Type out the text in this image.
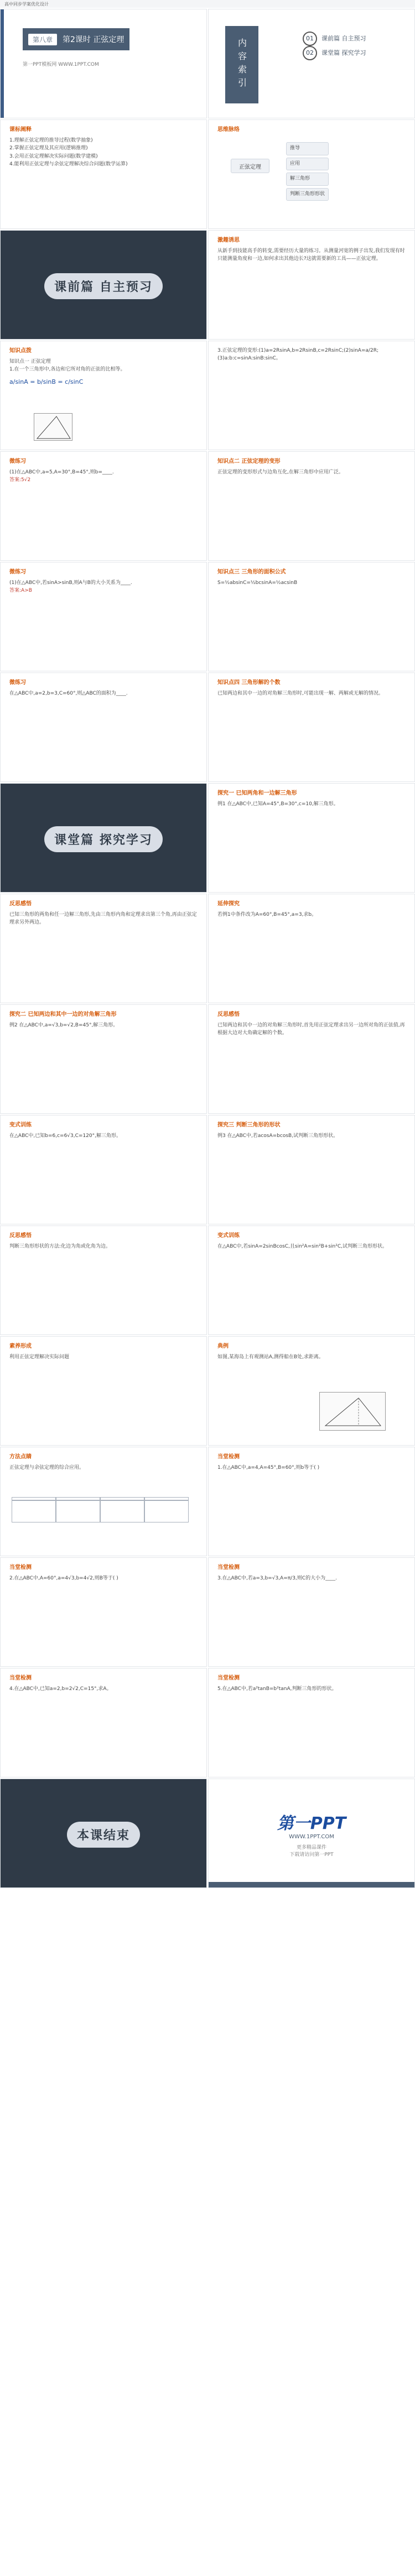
高中同步学案优化设计
第八章	第2课时 正弦定理
第一PPT模板网 WWW.1PPT.COM	内容索引	01 课前篇 自主预习
02 课堂篇 探究学习
课标阐释
1.理解正弦定理的推导过程(数学抽象)
2.掌握正弦定理及其应用(逻辑推理)
3.会用正弦定理解决实际问题(数学建模)
4.能利用正弦定理与余弦定理解决综合问题(数学运算)
思维脉络
正弦定理
推导
应用
解三角形
判断三角形形状
课前篇 自主预习
激趣诱思
从新手到技能高手的转变,需要经历大量的练习。从测量河宽的例子出发,我们发现有时只能测量角度和一边,如何求出其他边长?这就需要新的工具——正弦定理。
知识点拨
知识点一 正弦定理
1.在一个三角形中,各边和它所对角的正弦的比相等。
a/sinA = b/sinB = c/sinC
3.正弦定理的变形:(1)a=2RsinA,b=2RsinB,c=2RsinC;(2)sinA=a/2R;(3)a:b:c=sinA:sinB:sinC。
微练习
(1)在△ABC中,a=5,A=30°,B=45°,则b=____.
答案:5√2
知识点二 正弦定理的变形
正弦定理的变形形式与边角互化,在解三角形中应用广泛。
微练习
(1)在△ABC中,若sinA>sinB,则A与B的大小关系为____.
答案:A>B
知识点三 三角形的面积公式
S=½absinC=½bcsinA=½acsinB
微练习
在△ABC中,a=2,b=3,C=60°,则△ABC的面积为____.
知识点四 三角形解的个数
已知两边和其中一边的对角解三角形时,可能出现一解、两解或无解的情况。
课堂篇 探究学习
探究一 已知两角和一边解三角形
例1 在△ABC中,已知A=45°,B=30°,c=10,解三角形。
反思感悟
已知三角形的两角和任一边解三角形,先由三角形内角和定理求出第三个角,再由正弦定理求另外两边。
延伸探究
若例1中条件改为A=60°,B=45°,a=3,求b。
探究二 已知两边和其中一边的对角解三角形
例2 在△ABC中,a=√3,b=√2,B=45°,解三角形。
反思感悟
已知两边和其中一边的对角解三角形时,首先用正弦定理求出另一边所对角的正弦值,再根据大边对大角确定解的个数。
变式训练
在△ABC中,已知b=6,c=6√3,C=120°,解三角形。
探究三 判断三角形的形状
例3 在△ABC中,若acosA=bcosB,试判断三角形形状。
反思感悟
判断三角形形状的方法:化边为角或化角为边。
变式训练
在△ABC中,若sinA=2sinBcosC,且sin²A=sin²B+sin²C,试判断三角形形状。
素养形成
利用正弦定理解决实际问题
典例
如图,某海岛上有观测站A,测得船在B处,求距离。
方法点睛
正弦定理与余弦定理的综合应用。
当堂检测
1.在△ABC中,a=4,A=45°,B=60°,则b等于( )
当堂检测
2.在△ABC中,A=60°,a=4√3,b=4√2,则B等于( )
当堂检测
3.在△ABC中,若a=3,b=√3,A=π/3,则C的大小为____.
当堂检测
4.在△ABC中,已知a=2,b=2√2,C=15°,求A。
当堂检测
5.在△ABC中,若a²tanB=b²tanA,判断三角形的形状。
本课结束
第一PPT
WWW.1PPT.COM
更多精品课件
下载请访问第一PPT
